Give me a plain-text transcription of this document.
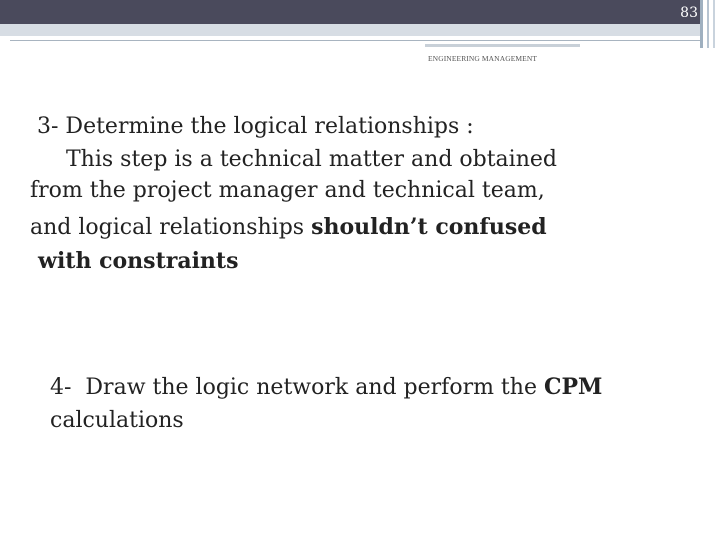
83
ENGINEERING MANAGEMENT
3- Determine the logical relationships :
This step is a technical matter and obtained
from the project manager and technical team,
and logical relationships shouldn’t confused
with constraints
4-  Draw the logic network and perform the CPM
calculations
